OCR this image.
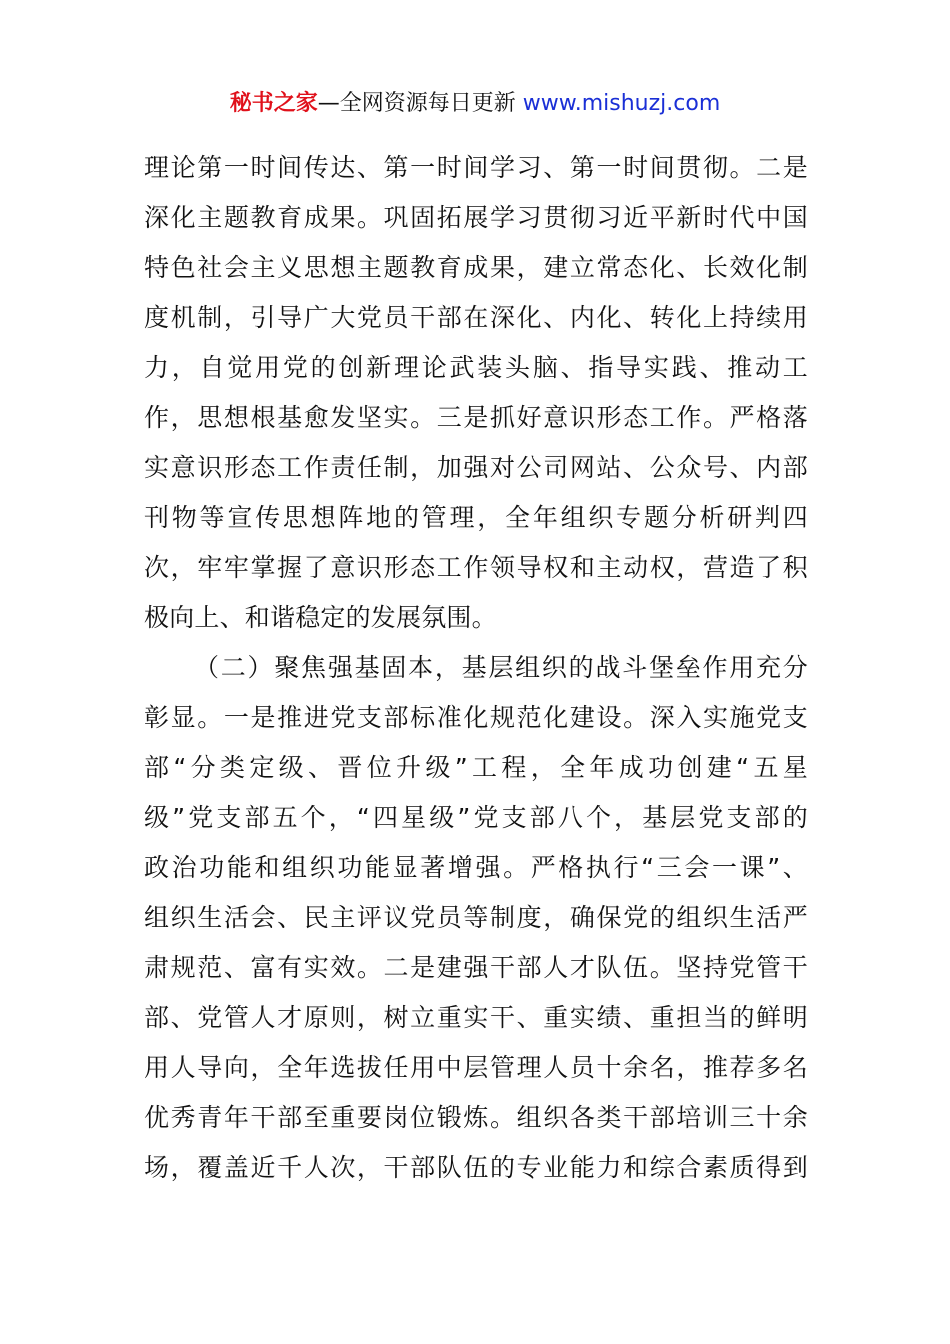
秘书之家—全网资源每日更新 www.mishuzj.com
理论第一时间传达、第一时间学习、第一时间贯彻。二是
深化主题教育成果。巩固拓展学习贯彻习近平新时代中国
特色社会主义思想主题教育成果，建立常态化、长效化制
度机制，引导广大党员干部在深化、内化、转化上持续用
力，自觉用党的创新理论武装头脑、指导实践、推动工
作，思想根基愈发坚实。三是抓好意识形态工作。严格落
实意识形态工作责任制，加强对公司网站、公众号、内部
刊物等宣传思想阵地的管理，全年组织专题分析研判四
次，牢牢掌握了意识形态工作领导权和主动权，营造了积
极向上、和谐稳定的发展氛围。
（二）聚焦强基固本，基层组织的战斗堡垒作用充分
彰显。一是推进党支部标准化规范化建设。深入实施党支
部“分类定级、晋位升级”工程，全年成功创建“五星
级”党支部五个，“四星级”党支部八个，基层党支部的
政治功能和组织功能显著增强。严格执行“三会一课”、
组织生活会、民主评议党员等制度，确保党的组织生活严
肃规范、富有实效。二是建强干部人才队伍。坚持党管干
部、党管人才原则，树立重实干、重实绩、重担当的鲜明
用人导向，全年选拔任用中层管理人员十余名，推荐多名
优秀青年干部至重要岗位锻炼。组织各类干部培训三十余
场，覆盖近千人次，干部队伍的专业能力和综合素质得到
